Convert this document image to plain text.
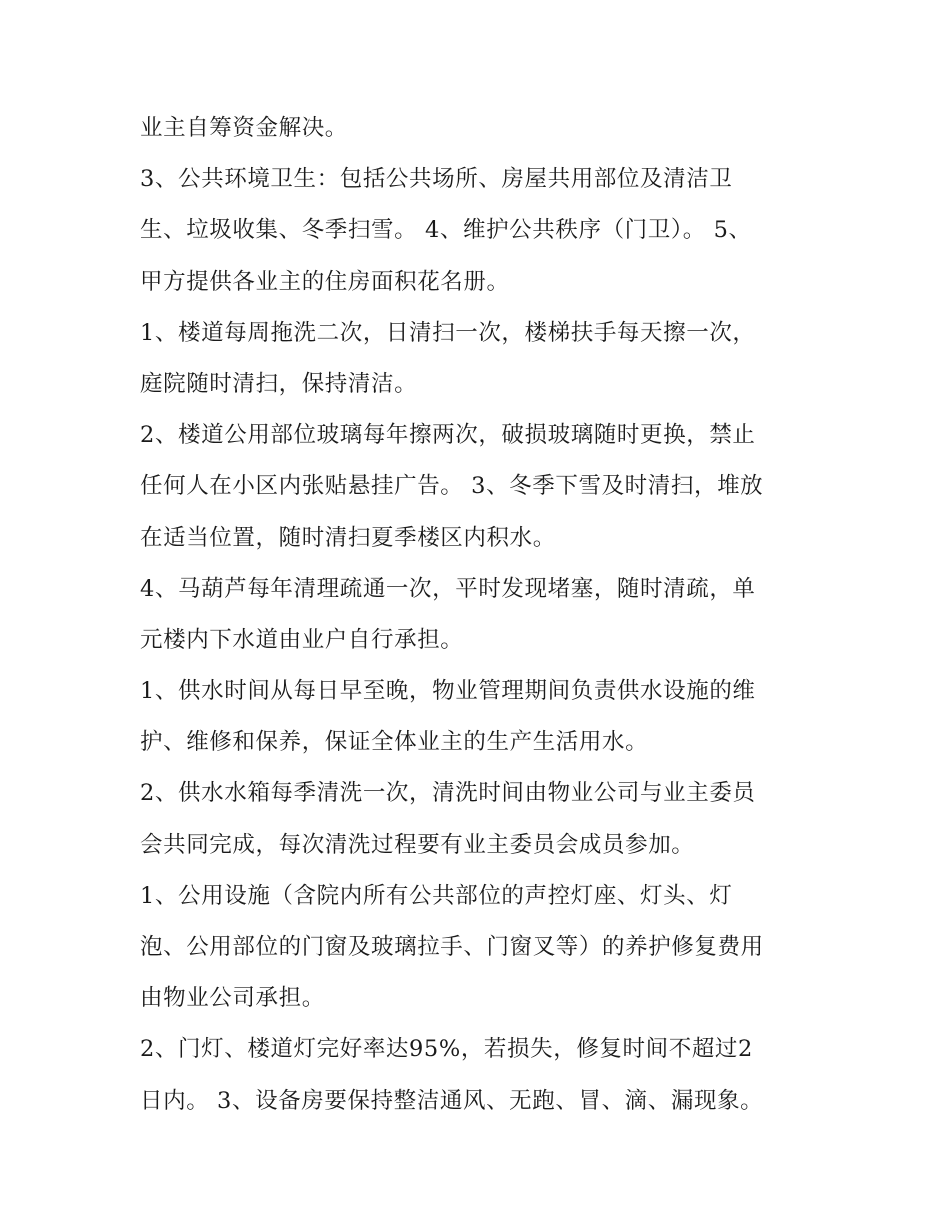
业主自筹资金解决。
3、公共环境卫生：包括公共场所、房屋共用部位及清洁卫
生、垃圾收集、冬季扫雪。 4、维护公共秩序（门卫）。 5、
甲方提供各业主的住房面积花名册。
1、楼道每周拖洗二次，日清扫一次，楼梯扶手每天擦一次，
庭院随时清扫，保持清洁。
2、楼道公用部位玻璃每年擦两次，破损玻璃随时更换，禁止
任何人在小区内张贴悬挂广告。 3、冬季下雪及时清扫，堆放
在适当位置，随时清扫夏季楼区内积水。
4、马葫芦每年清理疏通一次，平时发现堵塞，随时清疏，单
元楼内下水道由业户自行承担。
1、供水时间从每日早至晚，物业管理期间负责供水设施的维
护、维修和保养，保证全体业主的生产生活用水。
2、供水水箱每季清洗一次，清洗时间由物业公司与业主委员
会共同完成，每次清洗过程要有业主委员会成员参加。
1、公用设施（含院内所有公共部位的声控灯座、灯头、灯
泡、公用部位的门窗及玻璃拉手、门窗叉等）的养护修复费用
由物业公司承担。
2、门灯、楼道灯完好率达95%，若损失，修复时间不超过2
日内。 3、设备房要保持整洁通风、无跑、冒、滴、漏现象。
